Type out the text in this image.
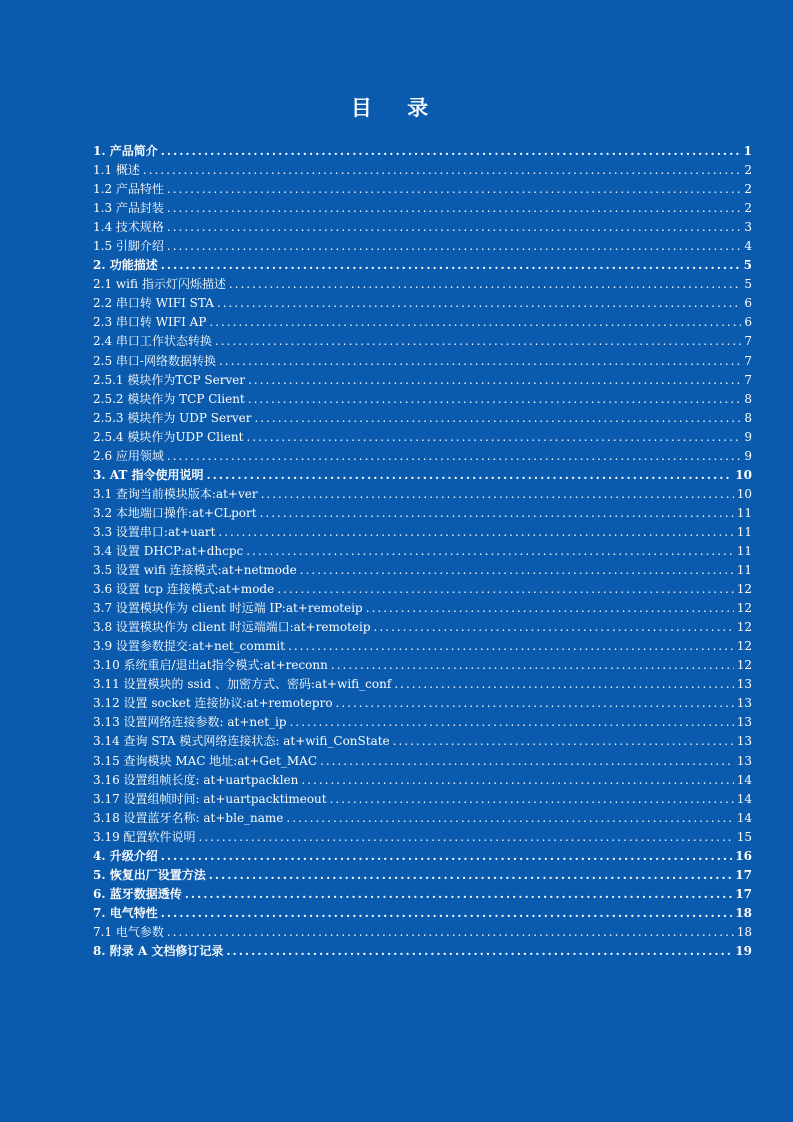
目 录
1. 产品简介 .....	1
1.1 概述 .....	2
1.2 产品特性 .....	2
1.3 产品封装 .....	2
1.4 技术规格 .....	3
1.5 引脚介绍 .....	4
2. 功能描述 .....	5
2.1 wifi 指示灯闪烁描述 .....	5
2.2 串口转 WIFI STA .....	6
2.3 串口转 WIFI AP .....	6
2.4 串口工作状态转换 .....	7
2.5 串口-网络数据转换 .....	7
2.5.1 模块作为TCP Server .....	7
2.5.2 模块作为 TCP Client .....	8
2.5.3 模块作为 UDP Server .....	8
2.5.4 模块作为UDP Client .....	9
2.6 应用领域 .....	9
3. AT 指令使用说明 .....	10
3.1 查询当前模块版本:at+ver .....	10
3.2 本地端口操作:at+CLport .....	11
3.3 设置串口:at+uart .....	11
3.4 设置 DHCP:at+dhcpc .....	11
3.5 设置 wifi 连接模式:at+netmode .....	11
3.6 设置 tcp 连接模式:at+mode .....	12
3.7 设置模块作为 client 时远端 IP:at+remoteip .....	12
3.8 设置模块作为 client 时远端端口:at+remoteip .....	12
3.9 设置参数提交:at+net_commit .....	12
3.10 系统重启/退出at指令模式:at+reconn .....	12
3.11 设置模块的 ssid 、加密方式、密码:at+wifi_conf .....	13
3.12 设置 socket 连接协议:at+remotepro .....	13
3.13 设置网络连接参数: at+net_ip .....	13
3.14 查询 STA 模式网络连接状态: at+wifi_ConState .....	13
3.15 查询模块 MAC 地址:at+Get_MAC .....	13
3.16 设置组帧长度: at+uartpacklen .....	14
3.17 设置组帧时间: at+uartpacktimeout .....	14
3.18 设置蓝牙名称: at+ble_name .....	14
3.19 配置软件说明 .....	15
4. 升级介绍 .....	16
5. 恢复出厂设置方法 .....	17
6. 蓝牙数据透传 .....	17
7. 电气特性 .....	18
7.1 电气参数 .....	18
8. 附录 A 文档修订记录 .....	19
